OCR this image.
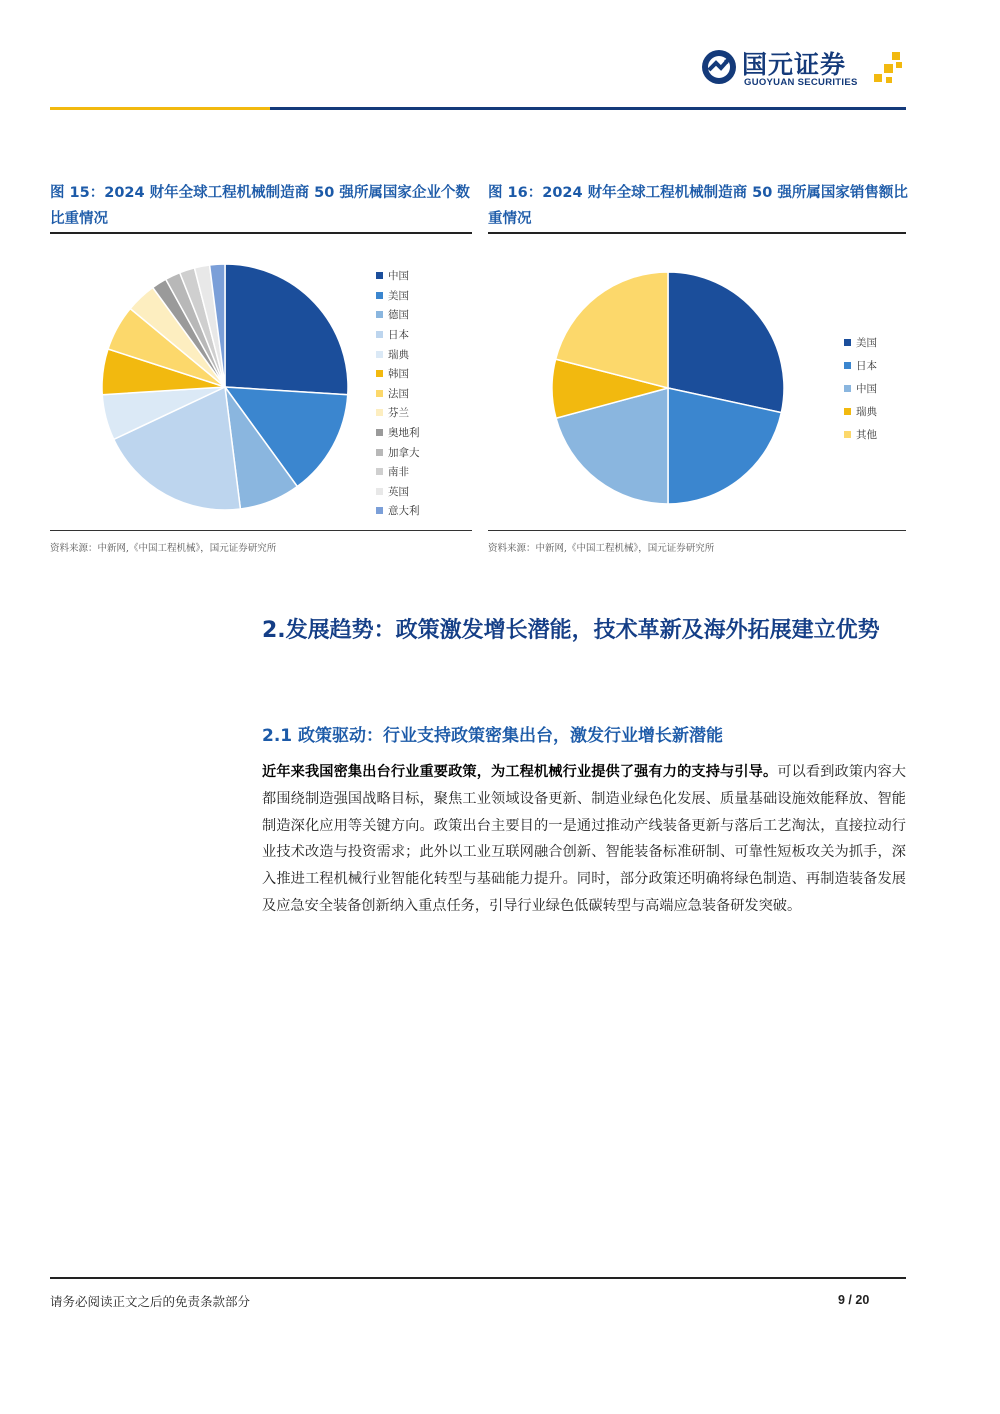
国元证券
GUOYUAN SECURITIES
图 15：2024 财年全球工程机械制造商 50 强所属国家企业个数比重情况
图 16：2024 财年全球工程机械制造商 50 强所属国家销售额比重情况
中国
美国
德国
日本
瑞典
韩国
法国
芬兰
奥地利
加拿大
南非
英国
意大利
美国
日本
中国
瑞典
其他
资料来源：中新网,《中国工程机械》，国元证券研究所	资料来源：中新网,《中国工程机械》，国元证券研究所
2.发展趋势：政策激发增长潜能，技术革新及海外拓展建立优势
2.1 政策驱动：行业支持政策密集出台，激发行业增长新潜能
近年来我国密集出台行业重要政策，为工程机械行业提供了强有力的支持与引导。可以看到政策内容大都围绕制造强国战略目标，聚焦工业领域设备更新、制造业绿色化发展、质量基础设施效能释放、智能制造深化应用等关键方向。政策出台主要目的一是通过推动产线装备更新与落后工艺淘汰，直接拉动行业技术改造与投资需求；此外以工业互联网融合创新、智能装备标准研制、可靠性短板攻关为抓手，深入推进工程机械行业智能化转型与基础能力提升。同时，部分政策还明确将绿色制造、再制造装备发展及应急安全装备创新纳入重点任务，引导行业绿色低碳转型与高端应急装备研发突破。
请务必阅读正文之后的免责条款部分	9 / 20
